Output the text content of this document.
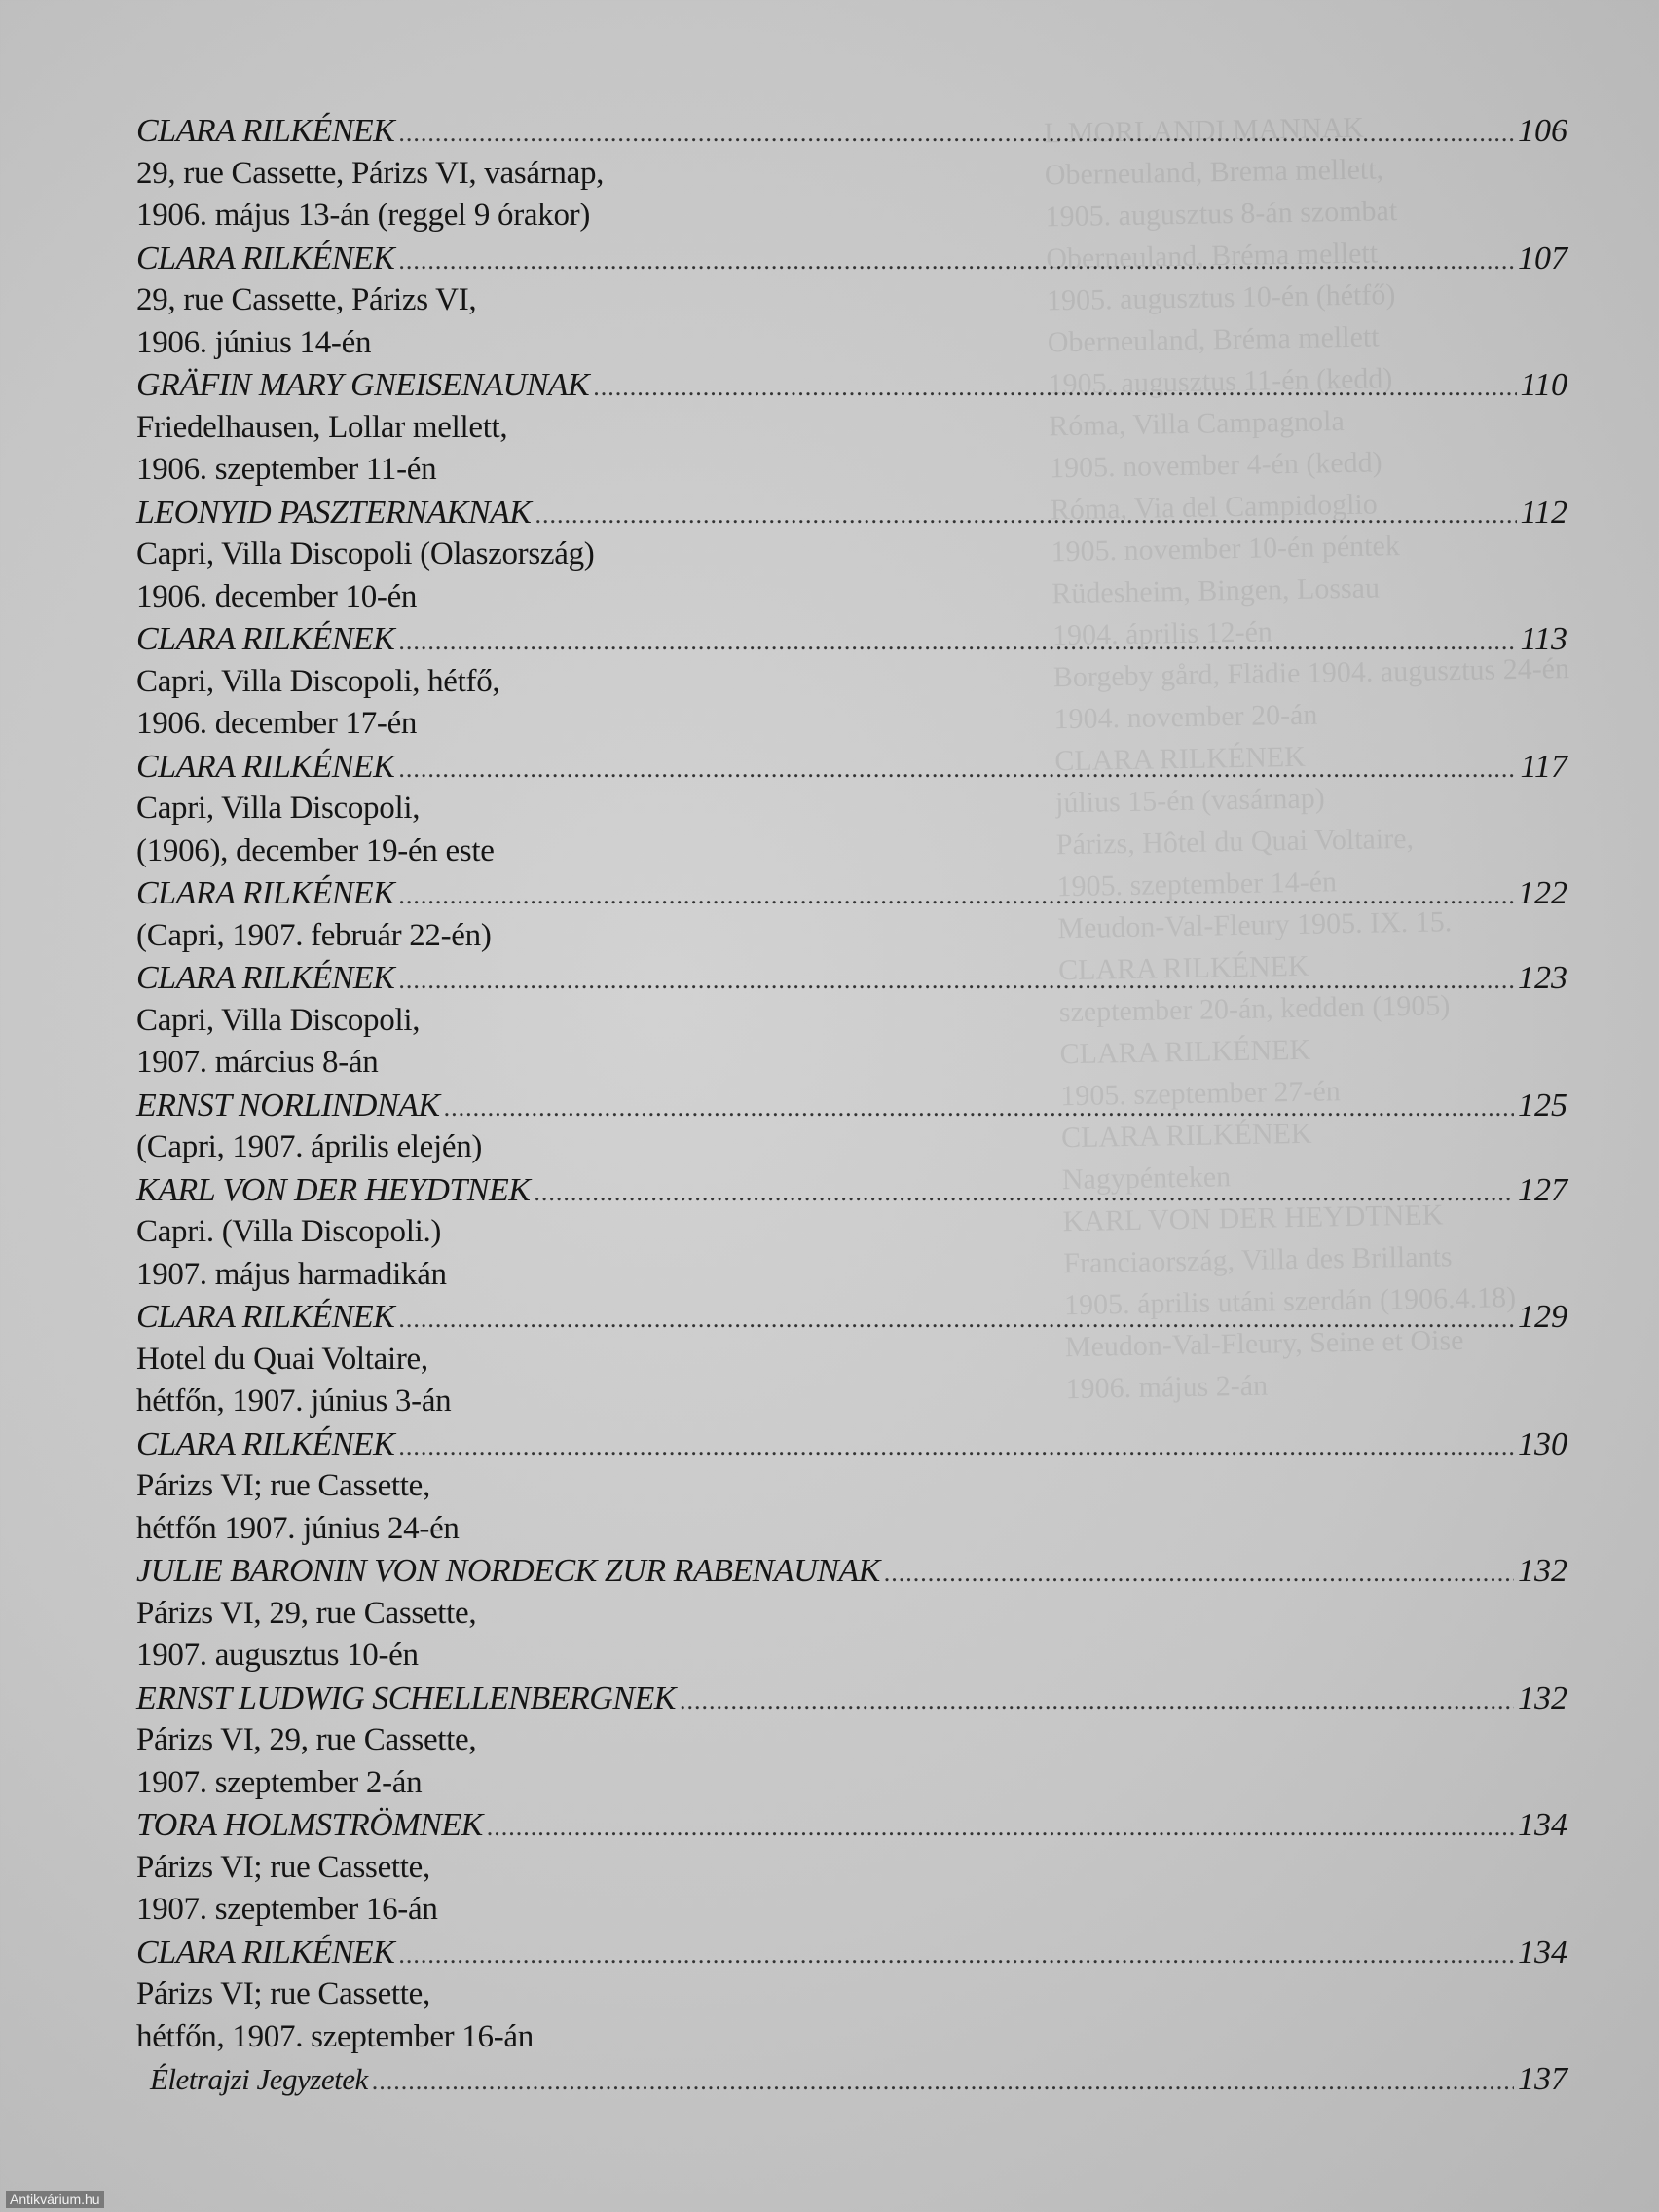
L MORLANDI MANNAK
Oberneuland, Brema mellett,
1905. augusztus 8-án szombat
Oberneuland, Bréma mellett
1905. augusztus 10-én (hétfő)
Oberneuland, Bréma mellett
1905. augusztus 11-én (kedd)
Róma, Villa Campagnola
1905. november 4-én (kedd)
Róma, Via del Campidoglio
1905. november 10-én péntek
Rüdesheim, Bingen, Lossau
1904. április 12-én
Borgeby gård, Flädie 1904. augusztus 24-én
1904. november 20-án
CLARA RILKÉNEK
július 15-én (vasárnap)
Párizs, Hôtel du Quai Voltaire,
1905. szeptember 14-én
Meudon-Val-Fleury 1905. IX. 15.
CLARA RILKÉNEK
szeptember 20-án, kedden (1905)
CLARA RILKÉNEK
1905. szeptember 27-én
CLARA RILKÉNEK
Nagypénteken
KARL VON DER HEYDTNEK
Franciaország, Villa des Brillants
1905. április utáni szerdán (1906.4.18)
Meudon-Val-Fleury, Seine et Oise
1906. május 2-án
CLARA RILKÉNEK .....	106
29, rue Cassette, Párizs VI, vasárnap,
1906. május 13-án (reggel 9 órakor)
CLARA RILKÉNEK .....	107
29, rue Cassette, Párizs VI,
1906. június 14-én
GRÄFIN MARY GNEISENAUNAK .....	110
Friedelhausen, Lollar mellett,
1906. szeptember 11-én
LEONYID PASZTERNAKNAK .....	112
Capri, Villa Discopoli (Olaszország)
1906. december 10-én
CLARA RILKÉNEK .....	113
Capri, Villa Discopoli, hétfő,
1906. december 17-én
CLARA RILKÉNEK .....	117
Capri, Villa Discopoli,
(1906), december 19-én este
CLARA RILKÉNEK .....	122
(Capri, 1907. február 22-én)
CLARA RILKÉNEK .....	123
Capri, Villa Discopoli,
1907. március 8-án
ERNST NORLINDNAK .....	125
(Capri, 1907. április elején)
KARL VON DER HEYDTNEK .....	127
Capri. (Villa Discopoli.)
1907. május harmadikán
CLARA RILKÉNEK .....	129
Hotel du Quai Voltaire,
hétfőn, 1907. június 3-án
CLARA RILKÉNEK .....	130
Párizs VI; rue Cassette,
hétfőn 1907. június 24-én
JULIE BARONIN VON NORDECK ZUR RABENAUNAK .....	132
Párizs VI, 29, rue Cassette,
1907. augusztus 10-én
ERNST LUDWIG SCHELLENBERGNEK .....	132
Párizs VI, 29, rue Cassette,
1907. szeptember 2-án
TORA HOLMSTRÖMNEK .....	134
Párizs VI; rue Cassette,
1907. szeptember 16-án
CLARA RILKÉNEK .....	134
Párizs VI; rue Cassette,
hétfőn, 1907. szeptember 16-án
Életrajzi Jegyzetek .....	137
Antikvárium.hu
